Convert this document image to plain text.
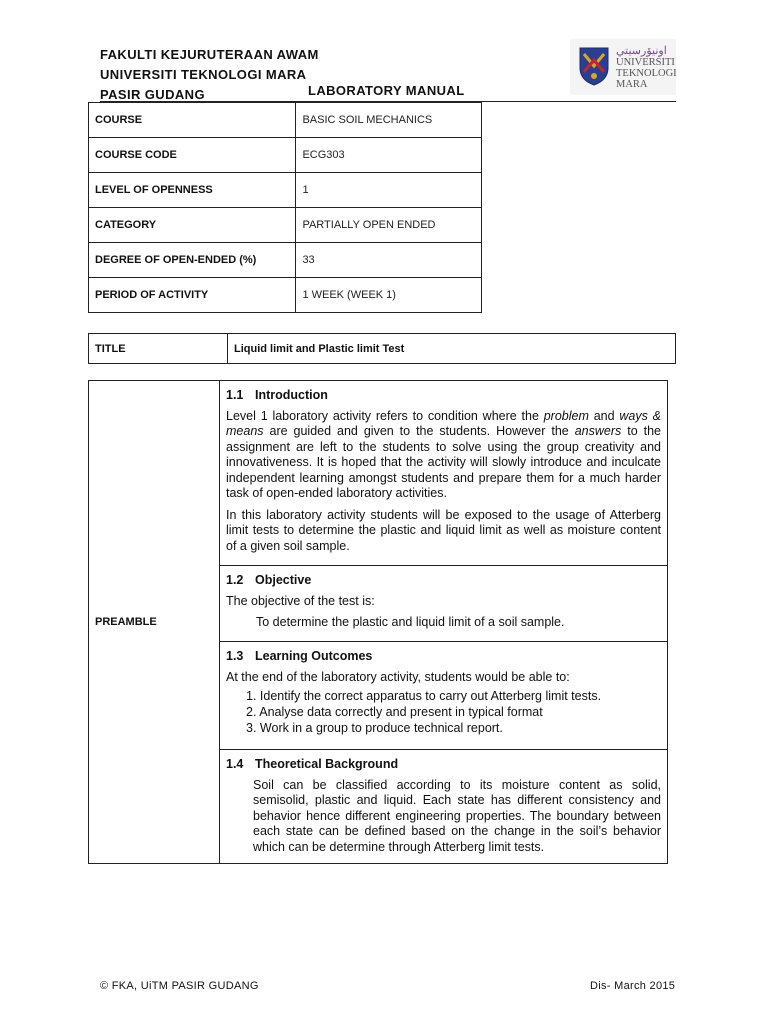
FAKULTI KEJURUTERAAN AWAM
UNIVERSITI TEKNOLOGI MARA
PASIR GUDANG	LABORATORY MANUAL
ﺍﻭﻧﻴﯚﺭﺳﻴﺘﻲ
UNIVERSITI
TEKNOLOGI
MARA
COURSE	BASIC SOIL MECHANICS
COURSE CODE	ECG303
LEVEL OF OPENNESS	1
CATEGORY	PARTIALLY OPEN ENDED
DEGREE OF OPEN-ENDED (%)	33
PERIOD OF ACTIVITY	1 WEEK (WEEK 1)
TITLE	Liquid limit and Plastic limit Test
PREAMBLE	
1.1 Introduction

Level 1 laboratory activity refers to condition where the problem and ways & means are guided and given to the students. However the answers to the assignment are left to the students to solve using the group creativity and innovativeness. It is hoped that the activity will slowly introduce and inculcate independent learning amongst students and prepare them for a much harder task of open-ended laboratory activities.

In this laboratory activity students will be exposed to the usage of Atterberg limit tests to determine the plastic and liquid limit as well as moisture content of a given soil sample.

1.2 Objective

The objective of the test is:

To determine the plastic and liquid limit of a soil sample.

1.3 Learning Outcomes

At the end of the laboratory activity, students would be able to:

1. Identify the correct apparatus to carry out Atterberg limit tests.
2. Analyse data correctly and present in typical format
3. Work in a group to produce technical report.

1.4 Theoretical Background

Soil can be classified according to its moisture content as solid, semisolid, plastic and liquid. Each state has different consistency and behavior hence different engineering properties. The boundary between each state can be defined based on the change in the soil’s behavior which can be determine through Atterberg limit tests.

© FKA, UiTM PASIR GUDANG	Dis- March 2015
